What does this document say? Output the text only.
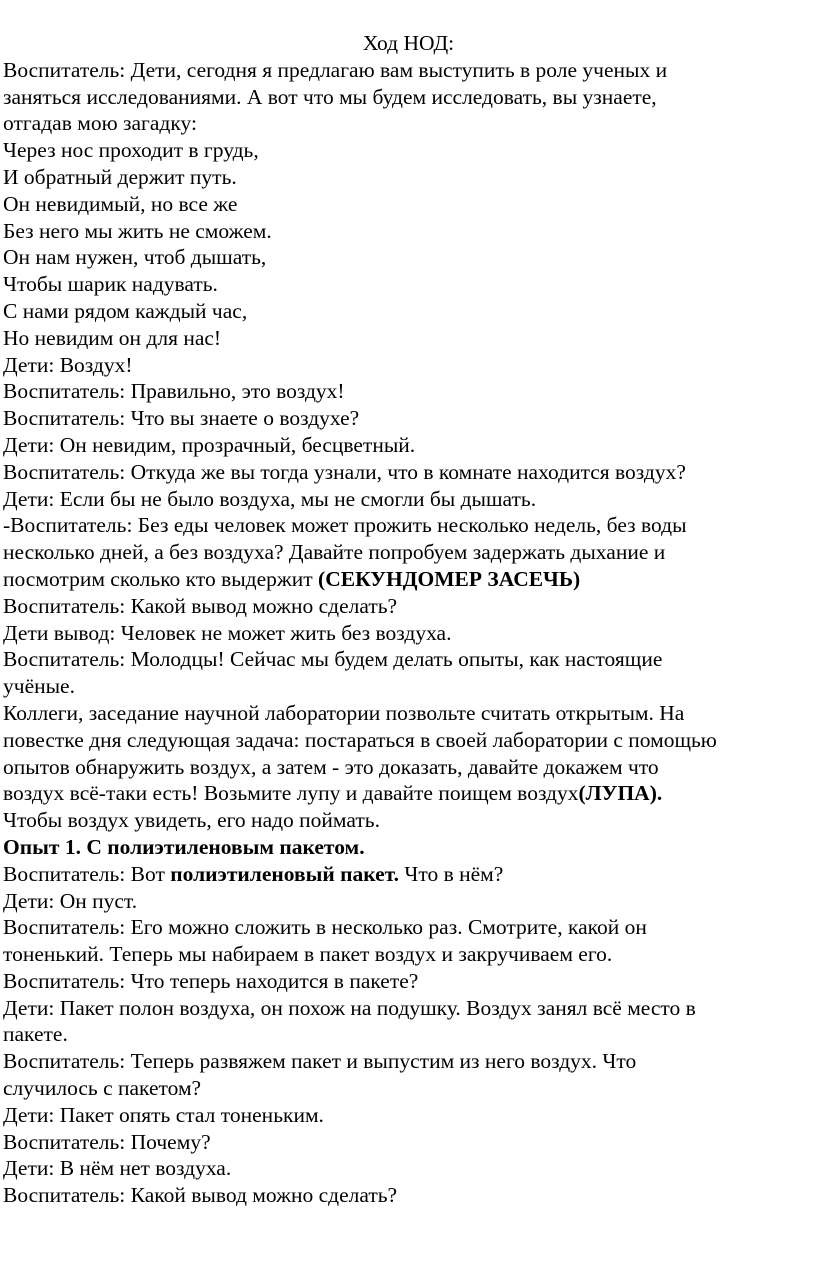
Ход НОД:

Воспитатель: Дети, сегодня я предлагаю вам выступить в роле ученых и

заняться исследованиями. А вот что мы будем исследовать, вы узнаете,

отгадав мою загадку:

Через нос проходит в грудь,

И обратный держит путь.

Он невидимый, но все же

Без него мы жить не сможем.

Он нам нужен, чтоб дышать,

Чтобы шарик надувать.

С нами рядом каждый час,

Но невидим он для нас!

Дети: Воздух!

Воспитатель: Правильно, это воздух!

Воспитатель: Что вы знаете о воздухе?

Дети: Он невидим, прозрачный, бесцветный.

Воспитатель: Откуда же вы тогда узнали, что в комнате находится воздух?

Дети: Если бы не было воздуха, мы не смогли бы дышать.

-Воспитатель: Без еды человек может прожить несколько недель, без воды

несколько дней, а без воздуха? Давайте попробуем задержать дыхание и

посмотрим сколько кто выдержит (СЕКУНДОМЕР ЗАСЕЧЬ)

Воспитатель: Какой вывод можно сделать?

Дети вывод: Человек не может жить без воздуха.

Воспитатель: Молодцы! Сейчас мы будем делать опыты, как настоящие

учёные.

Коллеги, заседание научной лаборатории позвольте считать открытым. На

повестке дня следующая задача: постараться в своей лаборатории с помощью

опытов обнаружить воздух, а затем - это доказать, давайте докажем что

воздух всё-таки есть! Возьмите лупу и давайте поищем воздух(ЛУПА).

Чтобы воздух увидеть, его надо поймать.

Опыт 1. С полиэтиленовым пакетом.

Воспитатель: Вот полиэтиленовый пакет. Что в нём?

Дети: Он пуст.

Воспитатель: Его можно сложить в несколько раз. Смотрите, какой он

тоненький. Теперь мы набираем в пакет воздух и закручиваем его.

Воспитатель: Что теперь находится в пакете?

Дети: Пакет полон воздуха, он похож на подушку. Воздух занял всё место в

пакете.

Воспитатель: Теперь развяжем пакет и выпустим из него воздух. Что

случилось с пакетом?

Дети: Пакет опять стал тоненьким.

Воспитатель: Почему?

Дети: В нём нет воздуха.

Воспитатель: Какой вывод можно сделать?
